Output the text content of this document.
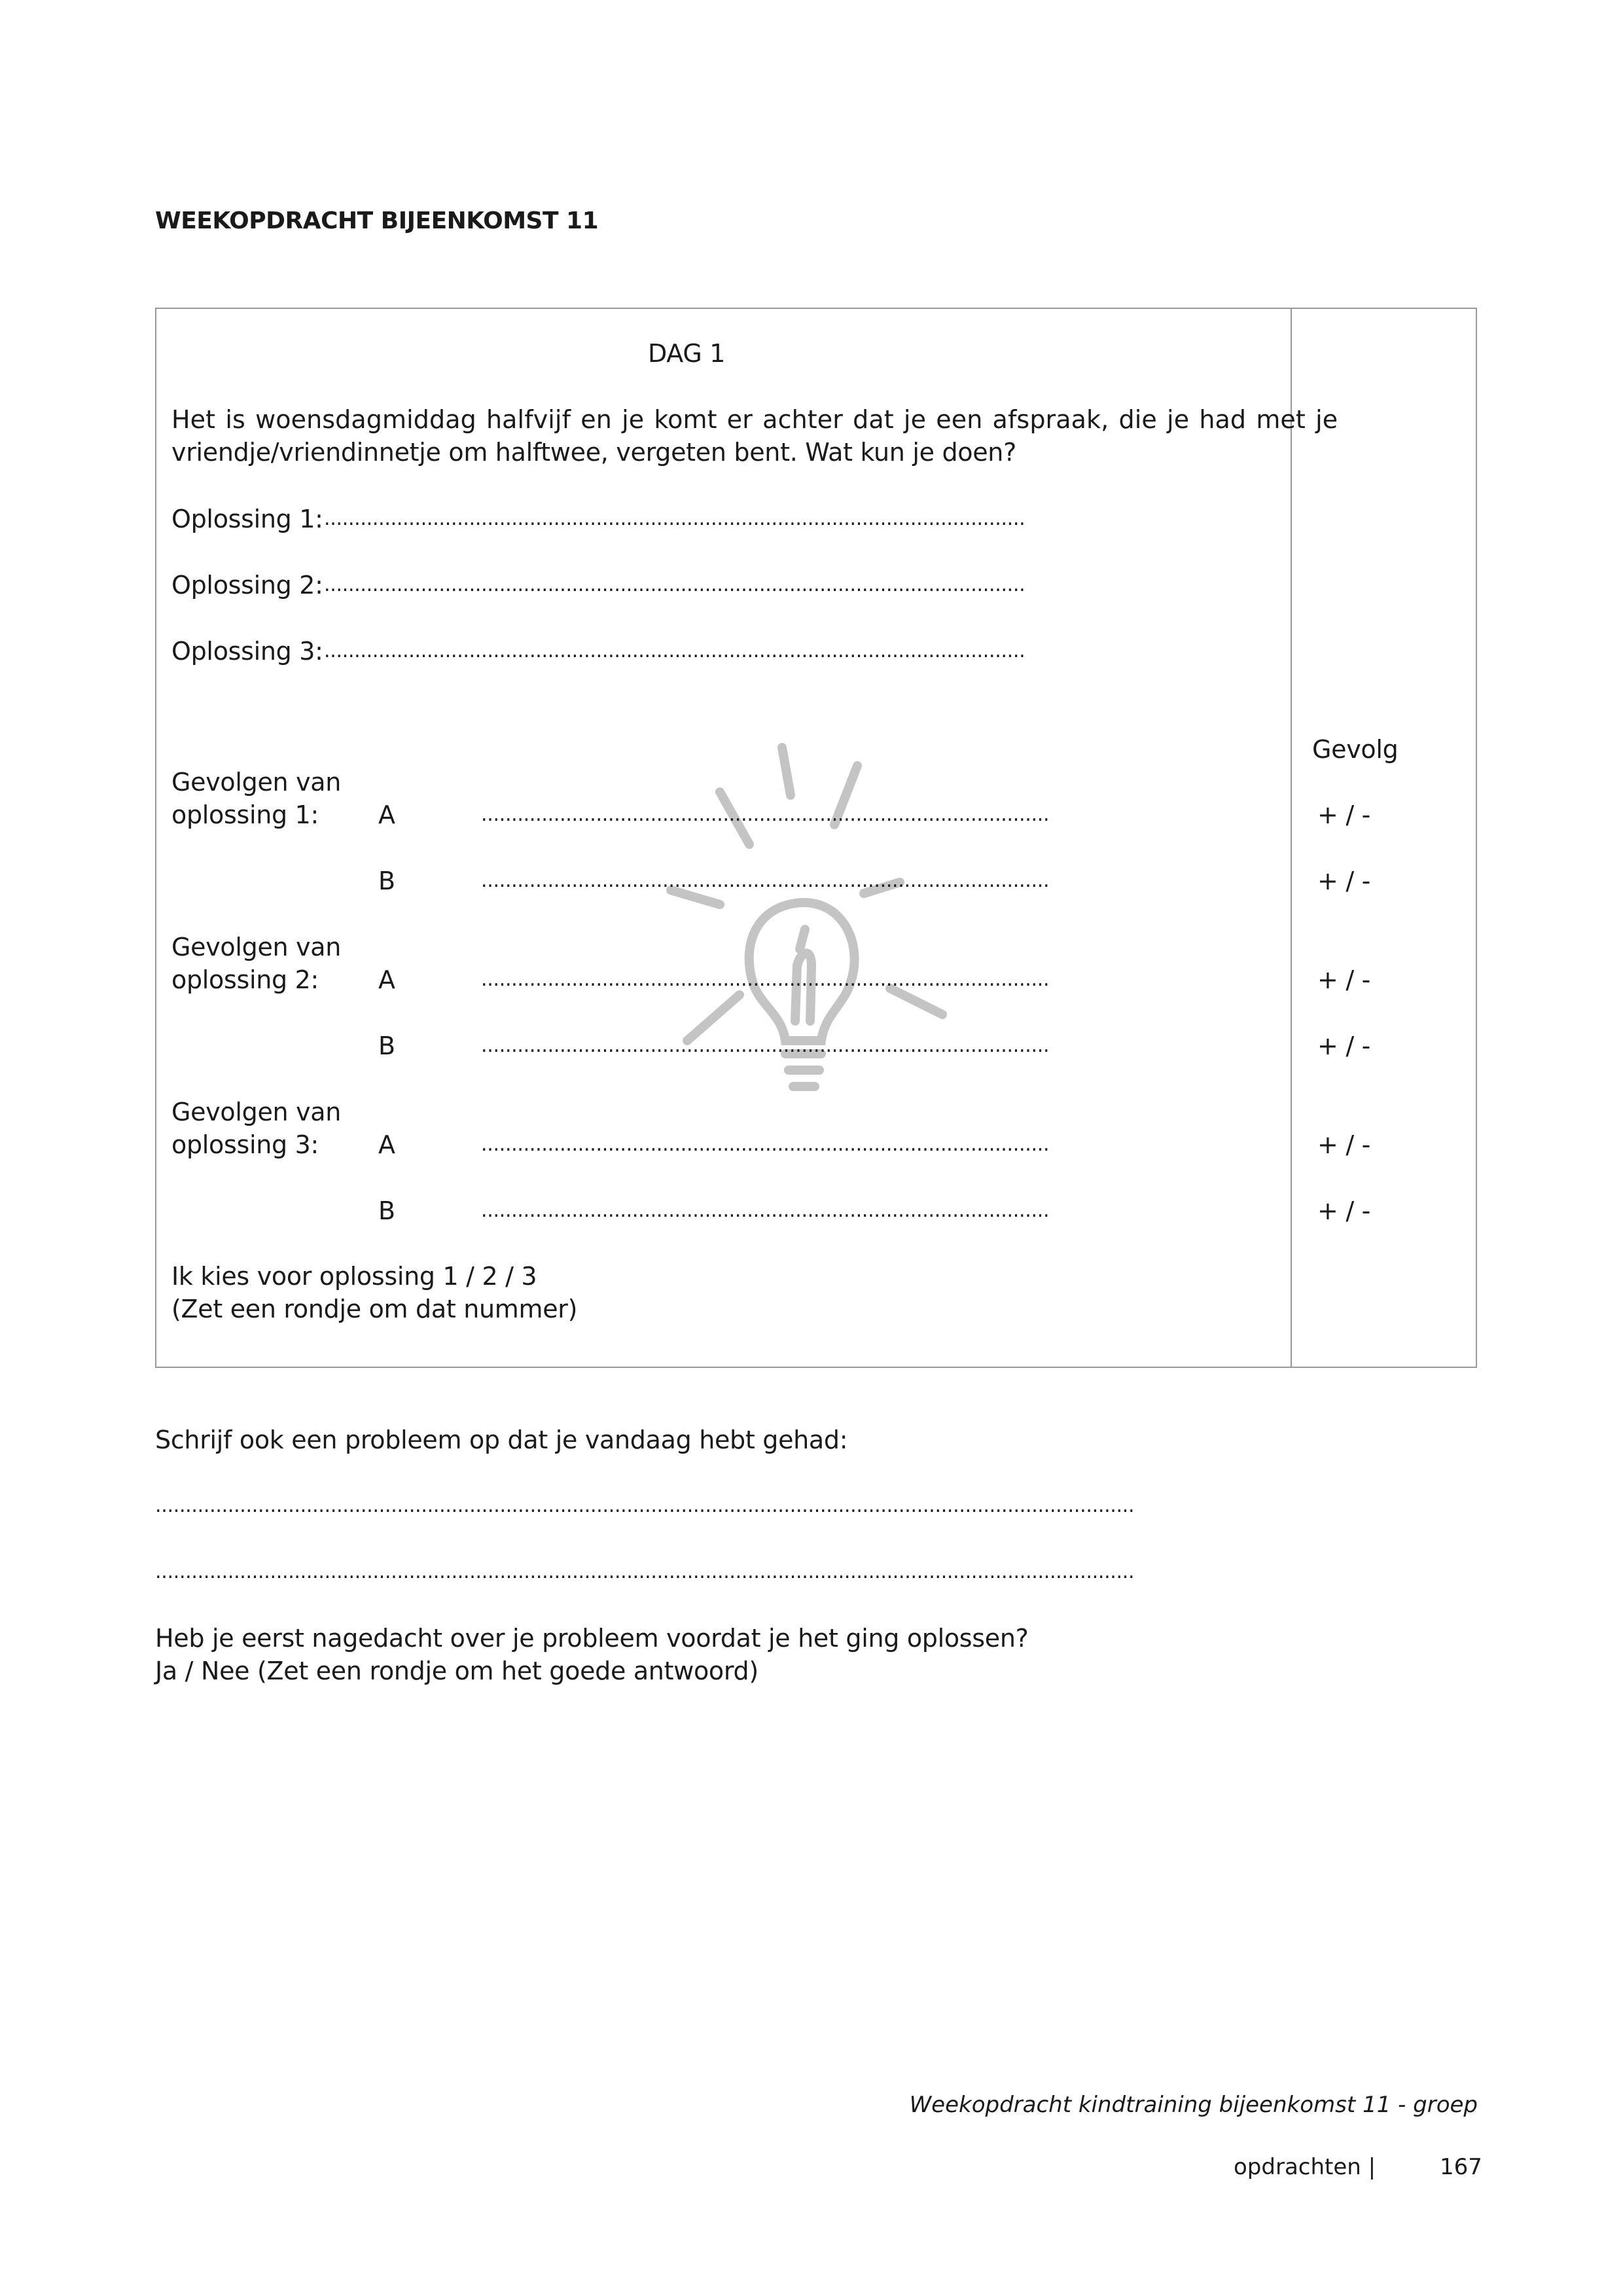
WEEKOPDRACHT BIJEENKOMST 11
DAG 1
Het is woensdagmiddag halfvijf en je komt er achter dat je een afspraak, die je had met je
vriendje/vriendinnetje om halftwee, vergeten bent. Wat kun je doen?
Oplossing 1: ....................................................................................................................
Oplossing 2: ....................................................................................................................
Oplossing 3: ....................................................................................................................
Gevolg
Gevolgen van
oplossing 1: A	..............................................................................................	+ / -
B	..............................................................................................	+ / -
Gevolgen van
oplossing 2: A	..............................................................................................	+ / -
B	..............................................................................................	+ / -
Gevolgen van
oplossing 3: A	..............................................................................................	+ / -
B	..............................................................................................	+ / -
Ik kies voor oplossing 1 / 2 / 3
(Zet een rondje om dat nummer)
Schrijf ook een probleem op dat je vandaag hebt gehad:
..................................................................................................................................................................
..................................................................................................................................................................
Heb je eerst nagedacht over je probleem voordat je het ging oplossen?
Ja / Nee (Zet een rondje om het goede antwoord)
Weekopdracht kindtraining bijeenkomst 11 - groep
opdrachten |	167
